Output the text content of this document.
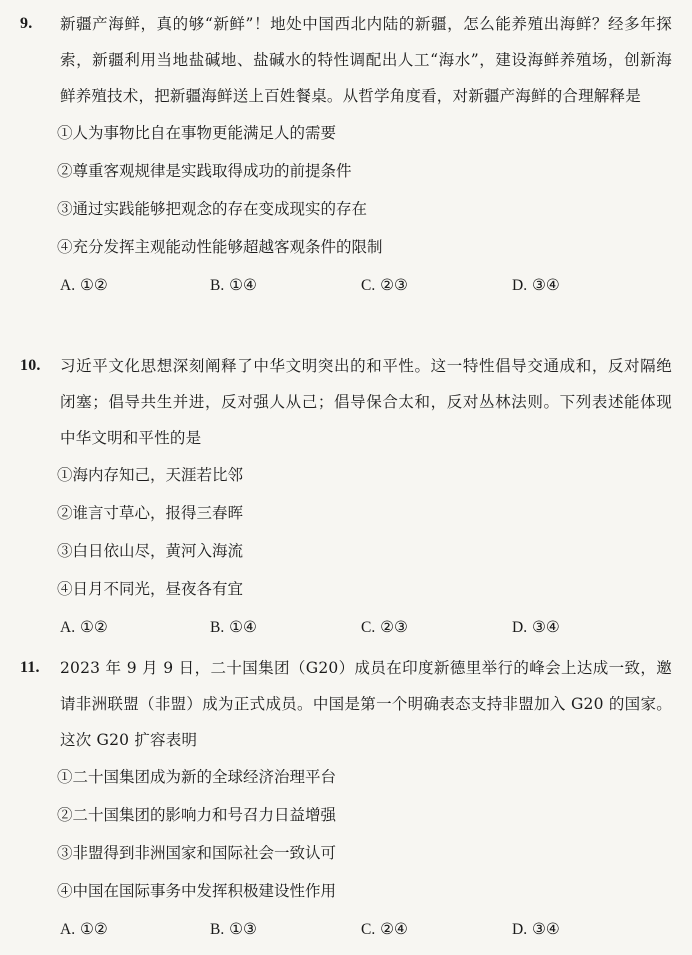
9. 新疆产海鲜，真的够“新鲜”！地处中国西北内陆的新疆，怎么能养殖出海鲜？经多年探索，新疆利用当地盐碱地、盐碱水的特性调配出人工“海水”，建设海鲜养殖场，创新海鲜养殖技术，把新疆海鲜送上百姓餐桌。从哲学角度看，对新疆产海鲜的合理解释是
①人为事物比自在事物更能满足人的需要
②尊重客观规律是实践取得成功的前提条件
③通过实践能够把观念的存在变成现实的存在
④充分发挥主观能动性能够超越客观条件的限制
A. ①②	B. ①④	C. ②③	D. ③④
10. 习近平文化思想深刻阐释了中华文明突出的和平性。这一特性倡导交通成和，反对隔绝闭塞；倡导共生并进，反对强人从己；倡导保合太和，反对丛林法则。下列表述能体现中华文明和平性的是
①海内存知己，天涯若比邻
②谁言寸草心，报得三春晖
③白日依山尽，黄河入海流
④日月不同光，昼夜各有宜
A. ①②	B. ①④	C. ②③	D. ③④
11. 2023 年 9 月 9 日，二十国集团（G20）成员在印度新德里举行的峰会上达成一致，邀请非洲联盟（非盟）成为正式成员。中国是第一个明确表态支持非盟加入 G20 的国家。这次 G20 扩容表明
①二十国集团成为新的全球经济治理平台
②二十国集团的影响力和号召力日益增强
③非盟得到非洲国家和国际社会一致认可
④中国在国际事务中发挥积极建设性作用
A. ①②	B. ①③	C. ②④	D. ③④
